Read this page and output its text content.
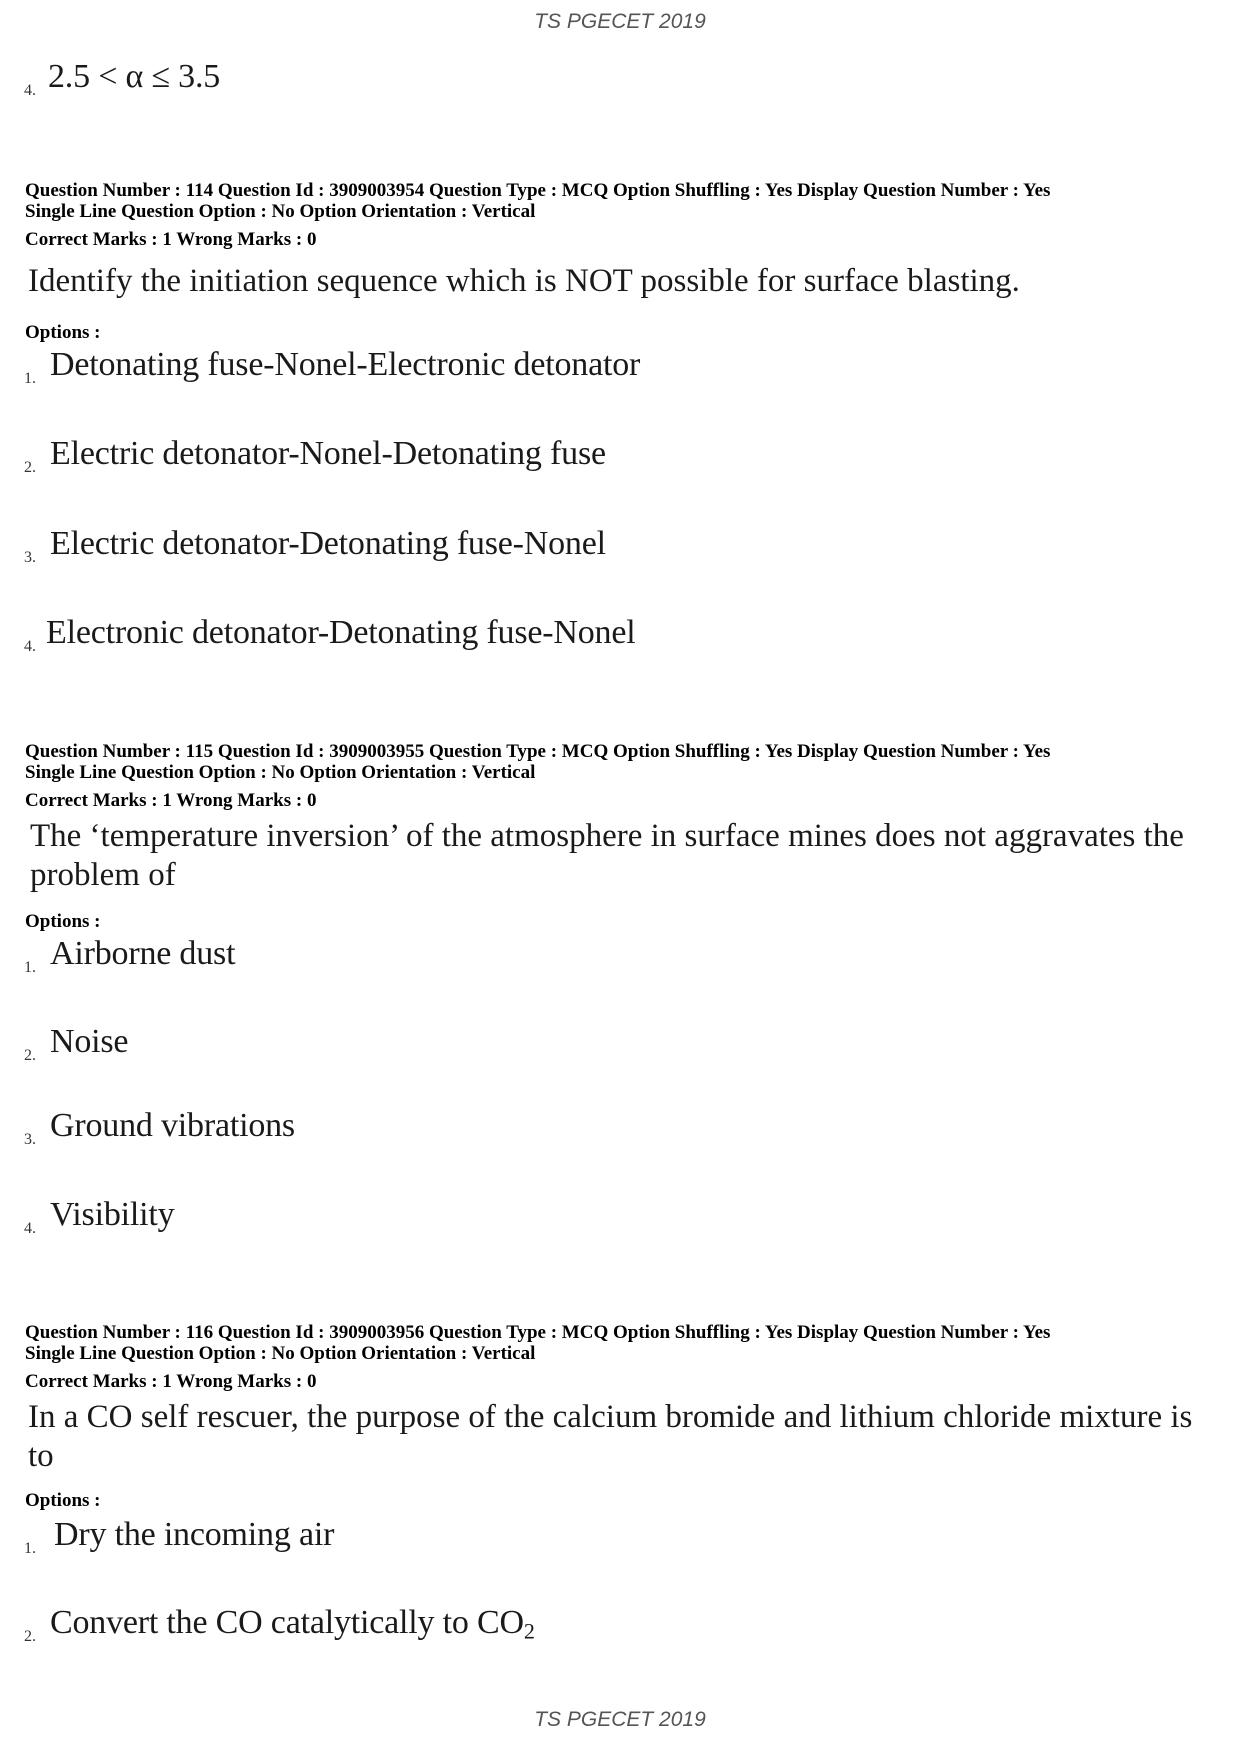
TS PGECET 2019
4. 2.5 < α ≤ 3.5
Question Number : 114 Question Id : 3909003954 Question Type : MCQ Option Shuffling : Yes Display Question Number : Yes
Single Line Question Option : No Option Orientation : Vertical
Correct Marks : 1 Wrong Marks : 0
Identify the initiation sequence which is NOT possible for surface blasting.
Options :
1. Detonating fuse-Nonel-Electronic detonator
2. Electric detonator-Nonel-Detonating fuse
3. Electric detonator-Detonating fuse-Nonel
4. Electronic detonator-Detonating fuse-Nonel
Question Number : 115 Question Id : 3909003955 Question Type : MCQ Option Shuffling : Yes Display Question Number : Yes
Single Line Question Option : No Option Orientation : Vertical
Correct Marks : 1 Wrong Marks : 0
The ‘temperature inversion’ of the atmosphere in surface mines does not aggravates the problem of
Options :
1. Airborne dust
2. Noise
3. Ground vibrations
4. Visibility
Question Number : 116 Question Id : 3909003956 Question Type : MCQ Option Shuffling : Yes Display Question Number : Yes
Single Line Question Option : No Option Orientation : Vertical
Correct Marks : 1 Wrong Marks : 0
In a CO self rescuer, the purpose of the calcium bromide and lithium chloride mixture is to
Options :
1. Dry the incoming air
2. Convert the CO catalytically to $CO_2$
TS PGECET 2019
